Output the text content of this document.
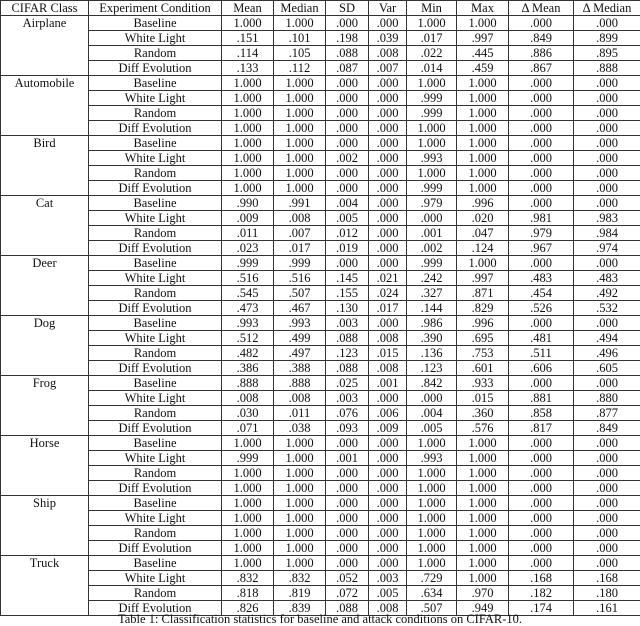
CIFAR Class	Experiment Condition	Mean	Median	SD	Var	Min	Max	Δ Mean	Δ Median
Airplane	Baseline	1.000	1.000	.000	.000	1.000	1.000	.000	.000
	White Light	.151	.101	.198	.039	.017	.997	.849	.899
	Random	.114	.105	.088	.008	.022	.445	.886	.895
	Diff Evolution	.133	.112	.087	.007	.014	.459	.867	.888
Automobile	Baseline	1.000	1.000	.000	.000	1.000	1.000	.000	.000
	White Light	1.000	1.000	.000	.000	.999	1.000	.000	.000
	Random	1.000	1.000	.000	.000	.999	1.000	.000	.000
	Diff Evolution	1.000	1.000	.000	.000	1.000	1.000	.000	.000
Bird	Baseline	1.000	1.000	.000	.000	1.000	1.000	.000	.000
	White Light	1.000	1.000	.002	.000	.993	1.000	.000	.000
	Random	1.000	1.000	.000	.000	1.000	1.000	.000	.000
	Diff Evolution	1.000	1.000	.000	.000	.999	1.000	.000	.000
Cat	Baseline	.990	.991	.004	.000	.979	.996	.000	.000
	White Light	.009	.008	.005	.000	.000	.020	.981	.983
	Random	.011	.007	.012	.000	.001	.047	.979	.984
	Diff Evolution	.023	.017	.019	.000	.002	.124	.967	.974
Deer	Baseline	.999	.999	.000	.000	.999	1.000	.000	.000
	White Light	.516	.516	.145	.021	.242	.997	.483	.483
	Random	.545	.507	.155	.024	.327	.871	.454	.492
	Diff Evolution	.473	.467	.130	.017	.144	.829	.526	.532
Dog	Baseline	.993	.993	.003	.000	.986	.996	.000	.000
	White Light	.512	.499	.088	.008	.390	.695	.481	.494
	Random	.482	.497	.123	.015	.136	.753	.511	.496
	Diff Evolution	.386	.388	.088	.008	.123	.601	.606	.605
Frog	Baseline	.888	.888	.025	.001	.842	.933	.000	.000
	White Light	.008	.008	.003	.000	.000	.015	.881	.880
	Random	.030	.011	.076	.006	.004	.360	.858	.877
	Diff Evolution	.071	.038	.093	.009	.005	.576	.817	.849
Horse	Baseline	1.000	1.000	.000	.000	1.000	1.000	.000	.000
	White Light	.999	1.000	.001	.000	.993	1.000	.000	.000
	Random	1.000	1.000	.000	.000	1.000	1.000	.000	.000
	Diff Evolution	1.000	1.000	.000	.000	1.000	1.000	.000	.000
Ship	Baseline	1.000	1.000	.000	.000	1.000	1.000	.000	.000
	White Light	1.000	1.000	.000	.000	1.000	1.000	.000	.000
	Random	1.000	1.000	.000	.000	1.000	1.000	.000	.000
	Diff Evolution	1.000	1.000	.000	.000	1.000	1.000	.000	.000
Truck	Baseline	1.000	1.000	.000	.000	1.000	1.000	.000	.000
	White Light	.832	.832	.052	.003	.729	1.000	.168	.168
	Random	.818	.819	.072	.005	.634	.970	.182	.180
	Diff Evolution	.826	.839	.088	.008	.507	.949	.174	.161
Table 1: Classification statistics for baseline and attack conditions on CIFAR-10.
